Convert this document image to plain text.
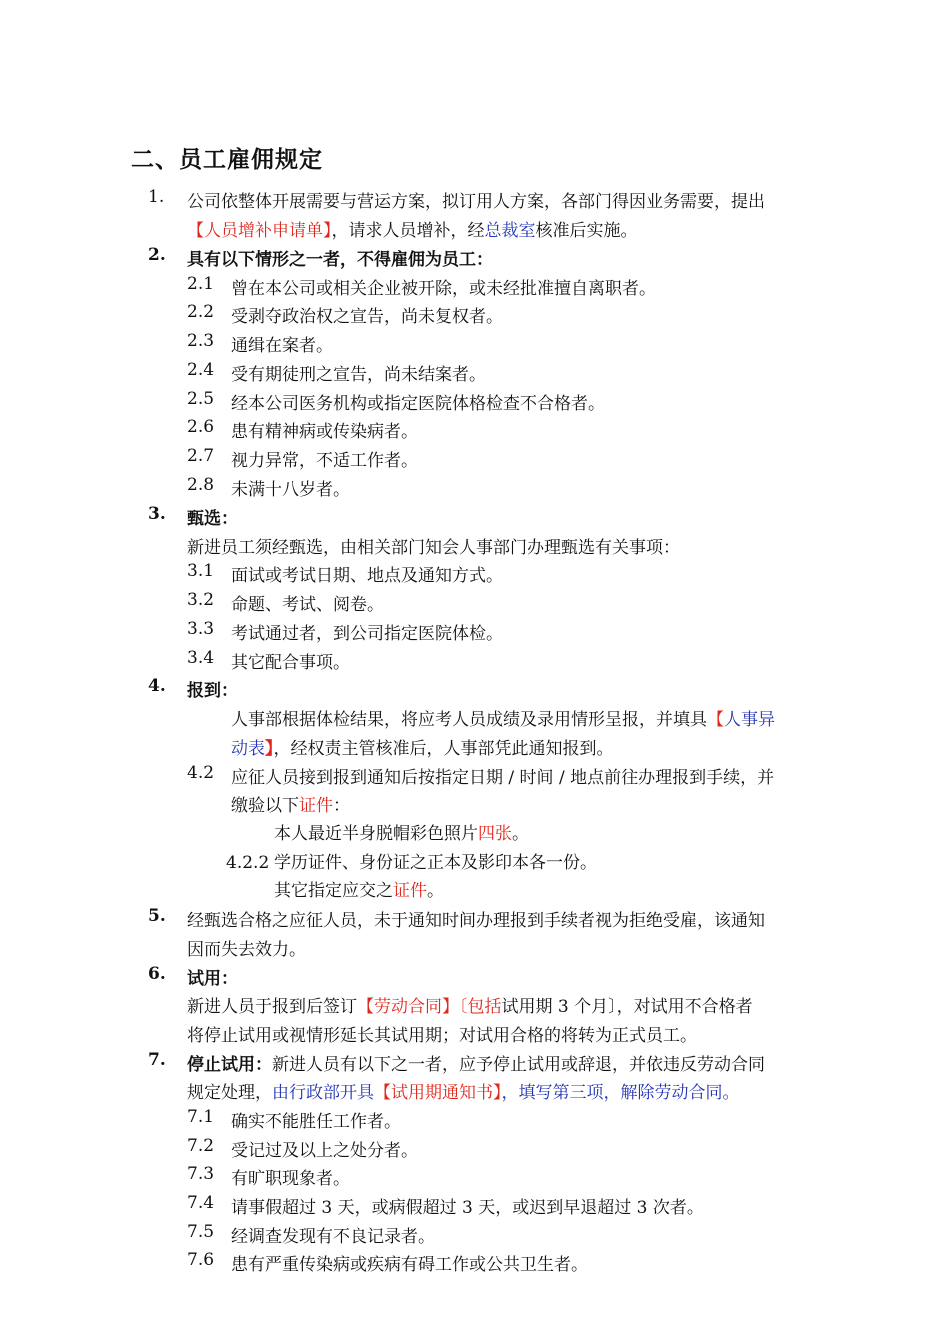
二、员工雇佣规定
1. 公司依整体开展需要与营运方案，拟订用人方案，各部门得因业务需要，提出
【人员增补申请单】，请求人员增补，经总裁室核准后实施。
2. 具有以下情形之一者，不得雇佣为员工：
2.1 曾在本公司或相关企业被开除，或未经批准擅自离职者。
2.2 受剥夺政治权之宣告，尚未复权者。
2.3 通缉在案者。
2.4 受有期徒刑之宣告，尚未结案者。
2.5 经本公司医务机构或指定医院体格检查不合格者。
2.6 患有精神病或传染病者。
2.7 视力异常，不适工作者。
2.8 未满十八岁者。
3. 甄选：
新进员工须经甄选，由相关部门知会人事部门办理甄选有关事项：
3.1 面试或考试日期、地点及通知方式。
3.2 命题、考试、阅卷。
3.3 考试通过者，到公司指定医院体检。
3.4 其它配合事项。
4. 报到：
人事部根据体检结果，将应考人员成绩及录用情形呈报，并填具【人事异
动表】，经权责主管核准后，人事部凭此通知报到。
4.2 应征人员接到报到通知后按指定日期 / 时间 / 地点前往办理报到手续，并
缴验以下证件：
本人最近半身脱帽彩色照片四张。
4.2.2 学历证件、身份证之正本及影印本各一份。
其它指定应交之证件。
5. 经甄选合格之应征人员，未于通知时间办理报到手续者视为拒绝受雇，该通知
因而失去效力。
6. 试用：
新进人员于报到后签订【劳动合同】〔包括试用期 3 个月〕，对试用不合格者
将停止试用或视情形延长其试用期；对试用合格的将转为正式员工。
7. 停止试用：新进人员有以下之一者，应予停止试用或辞退，并依违反劳动合同
规定处理，由行政部开具【试用期通知书】，填写第三项，解除劳动合同。
7.1 确实不能胜任工作者。
7.2 受记过及以上之处分者。
7.3 有旷职现象者。
7.4 请事假超过 3 天，或病假超过 3 天，或迟到早退超过 3 次者。
7.5 经调查发现有不良记录者。
7.6 患有严重传染病或疾病有碍工作或公共卫生者。
